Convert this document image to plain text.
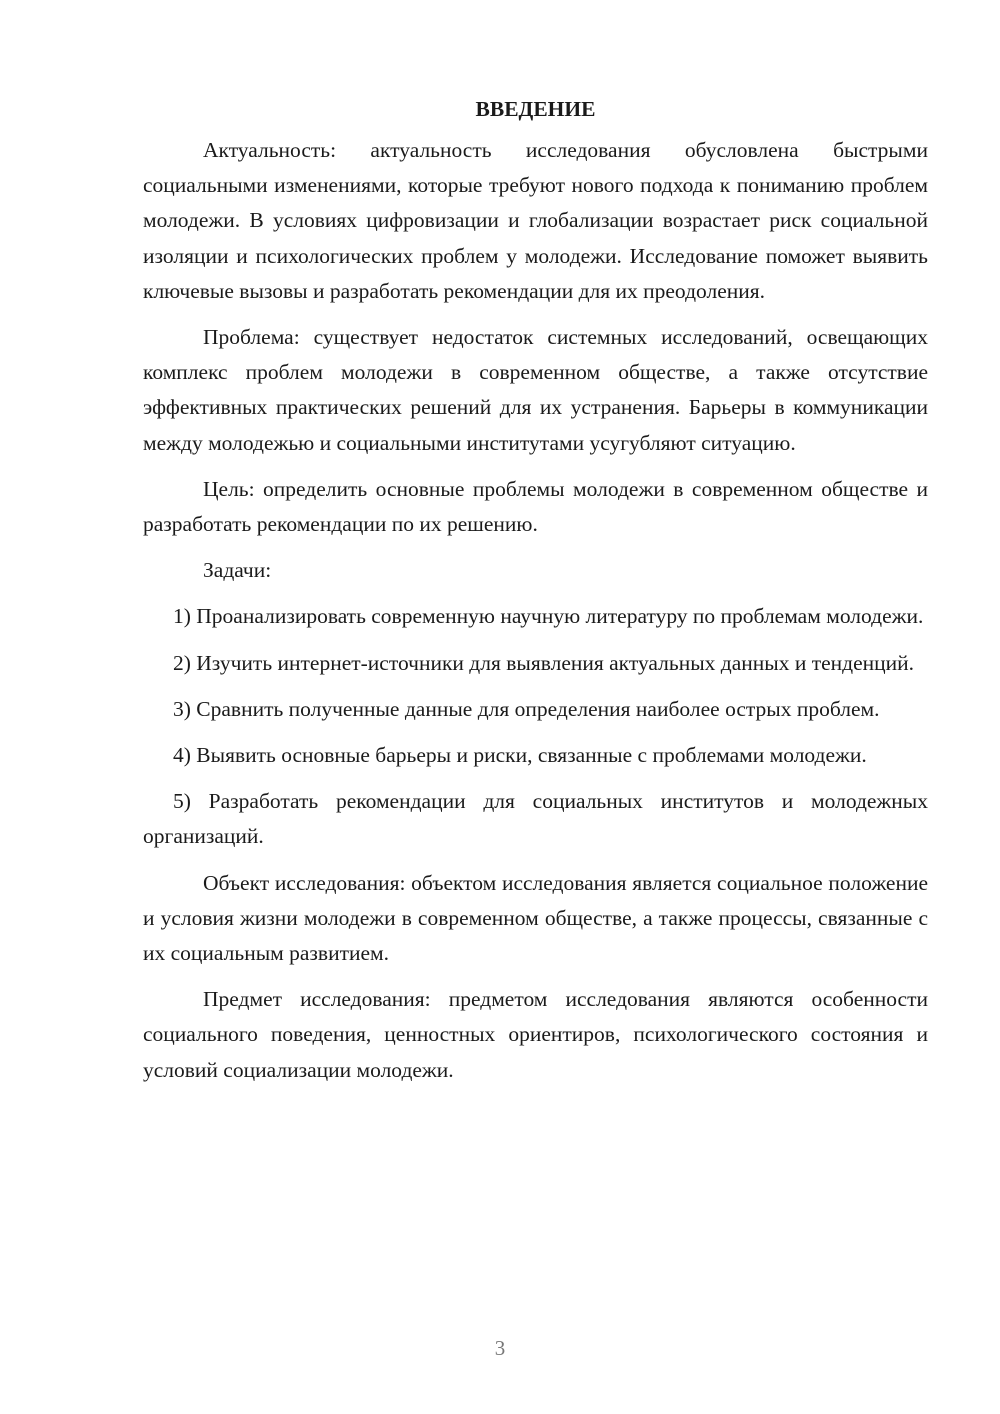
ВВЕДЕНИЕ

Актуальность: актуальность исследования обусловлена быстрыми социальными изменениями, которые требуют нового подхода к пониманию проблем молодежи. В условиях цифровизации и глобализации возрастает риск социальной изоляции и психологических проблем у молодежи. Исследование поможет выявить ключевые вызовы и разработать рекомендации для их преодоления.

Проблема: существует недостаток системных исследований, освещающих комплекс проблем молодежи в современном обществе, а также отсутствие эффективных практических решений для их устранения. Барьеры в коммуникации между молодежью и социальными институтами усугубляют ситуацию.

Цель: определить основные проблемы молодежи в современном обществе и разработать рекомендации по их решению.

Задачи:

1) Проанализировать современную научную литературу по проблемам молодежи.

2) Изучить интернет-источники для выявления актуальных данных и тенденций.

3) Сравнить полученные данные для определения наиболее острых проблем.

4) Выявить основные барьеры и риски, связанные с проблемами молодежи.

5) Разработать рекомендации для социальных институтов и молодежных организаций.

Объект исследования: объектом исследования является социальное положение и условия жизни молодежи в современном обществе, а также процессы, связанные с их социальным развитием.

Предмет исследования: предметом исследования являются особенности социального поведения, ценностных ориентиров, психологического состояния и условий социализации молодежи.

3
